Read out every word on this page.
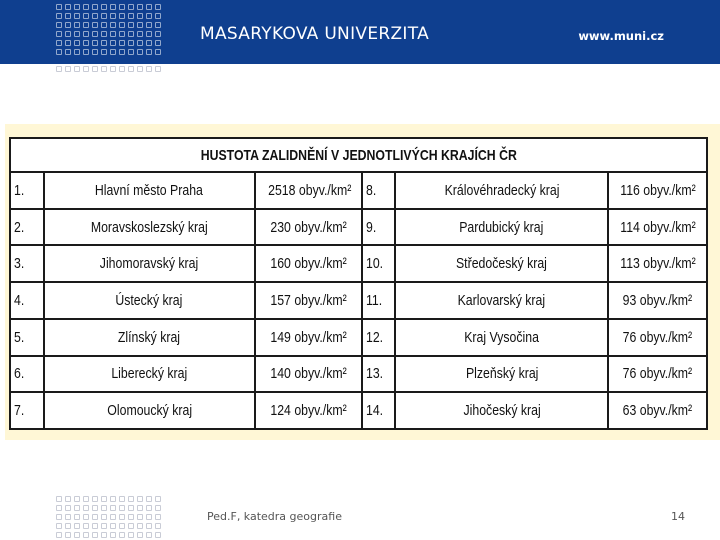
MASARYKOVA UNIVERZITA	www.muni.cz
HUSTOTA ZALIDNĚNÍ V JEDNOTLIVÝCH KRAJÍCH ČR					
1.	Hlavní město Praha	2518 obyv./km²	8.	Královéhradecký kraj	116 obyv./km²
2.	Moravskoslezský kraj	230 obyv./km²	9.	Pardubický kraj	114 obyv./km²
3.	Jihomoravský kraj	160 obyv./km²	10.	Středočeský kraj	113 obyv./km²
4.	Ústecký kraj	157 obyv./km²	11.	Karlovarský kraj	93 obyv./km²
5.	Zlínský kraj	149 obyv./km²	12.	Kraj Vysočina	76 obyv./km²
6.	Liberecký kraj	140 obyv./km²	13.	Plzeňský kraj	76 obyv./km²
7.	Olomoucký kraj	124 obyv./km²	14.	Jihočeský kraj	63 obyv./km²
Ped.F, katedra geografie	14
